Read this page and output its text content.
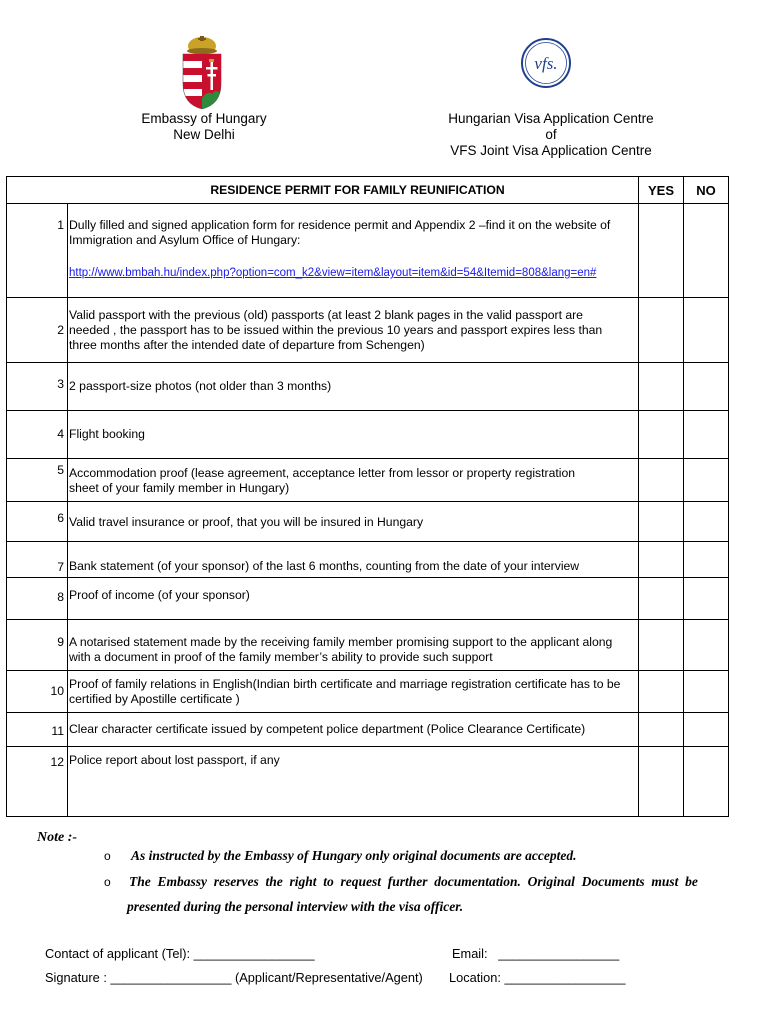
vfs.
Embassy of Hungary
New Delhi
Hungarian Visa Application Centre
of
VFS Joint Visa Application Centre
RESIDENCE PERMIT FOR FAMILY REUNIFICATION		YES	NO
1	Dully filled and signed application form for residence permit and Appendix 2 –find it on the website of
Immigration and Asylum Office of Hungary:
http://www.bmbah.hu/index.php?option=com_k2&view=item&layout=item&id=54&Itemid=808&lang=en#		

2	Valid passport with the previous (old) passports (at least 2 blank pages in the valid passport are
needed , the passport has to be issued within the previous 10 years and passport expires less than
three months after the intended date of departure from Schengen)		

3	2 passport-size photos (not older than 3 months)		

4	Flight booking		

5	Accommodation proof (lease agreement, acceptance letter from lessor or property registration
sheet of your family member in Hungary)		

6	Valid travel insurance or proof, that you will be insured in Hungary		

7	Bank statement (of your sponsor) of the last 6 months, counting from the date of your interview		

8	Proof of income (of your sponsor)		

9	A notarised statement made by the receiving family member promising support to the applicant along
with a document in proof of the family member’s ability to provide such support		

10	Proof of family relations in English(Indian birth certificate and marriage registration certificate has to be
certified by Apostille certificate )		

11	Clear character certificate issued by competent police department (Police Clearance Certificate)		

12	Police report about lost passport, if any		

Note :-
o As instructed by the Embassy of Hungary only original documents are accepted.
o The  Embassy  reserves  the  right  to  request  further  documentation.  Original  Documents  must  be
presented during the personal interview with the visa officer.
Contact of applicant (Tel): _________________	Email:   _________________
Signature : _________________ (Applicant/Representative/Agent) Location: _________________
